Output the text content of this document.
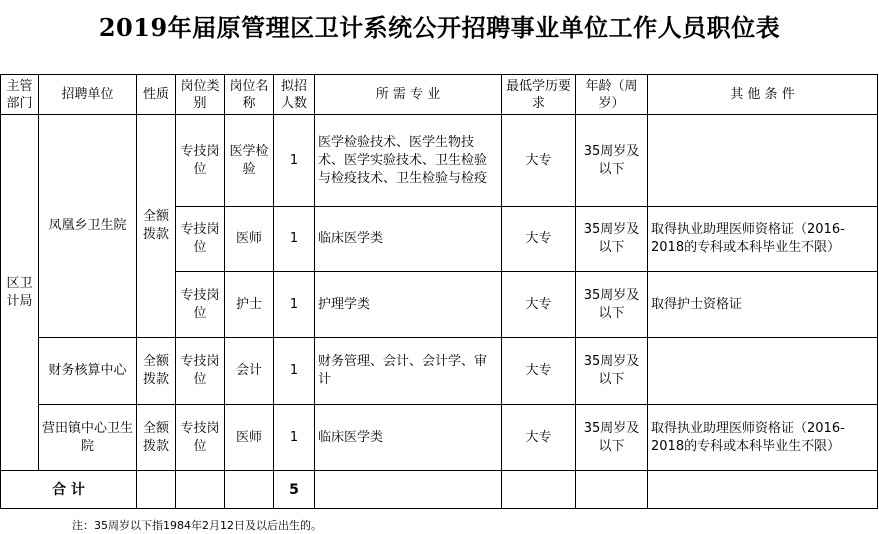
2019年届原管理区卫计系统公开招聘事业单位工作人员职位表
主管部门	招聘单位	性质	岗位类别	岗位名称	拟招人数	所 需 专 业	最低学历要求	年龄（周岁）	其 他 条 件
区卫计局	凤凰乡卫生院	全额拨款	专技岗位	医学检验	1	医学检验技术、医学生物技术、医学实验技术、卫生检验与检疫技术、卫生检验与检疫	大专	35周岁及以下	
			专技岗位	医师	1	临床医学类	大专	35周岁及以下	取得执业助理医师资格证（2016-2018的专科或本科毕业生不限）
			专技岗位	护士	1	护理学类	大专	35周岁及以下	取得护士资格证
	财务核算中心	全额拨款	专技岗位	会计	1	财务管理、会计、会计学、审计	大专	35周岁及以下	
	营田镇中心卫生院	全额拨款	专技岗位	医师	1	临床医学类	大专	35周岁及以下	取得执业助理医师资格证（2016-2018的专科或本科毕业生不限）
合 计					5				
注：35周岁以下指1984年2月12日及以后出生的。
